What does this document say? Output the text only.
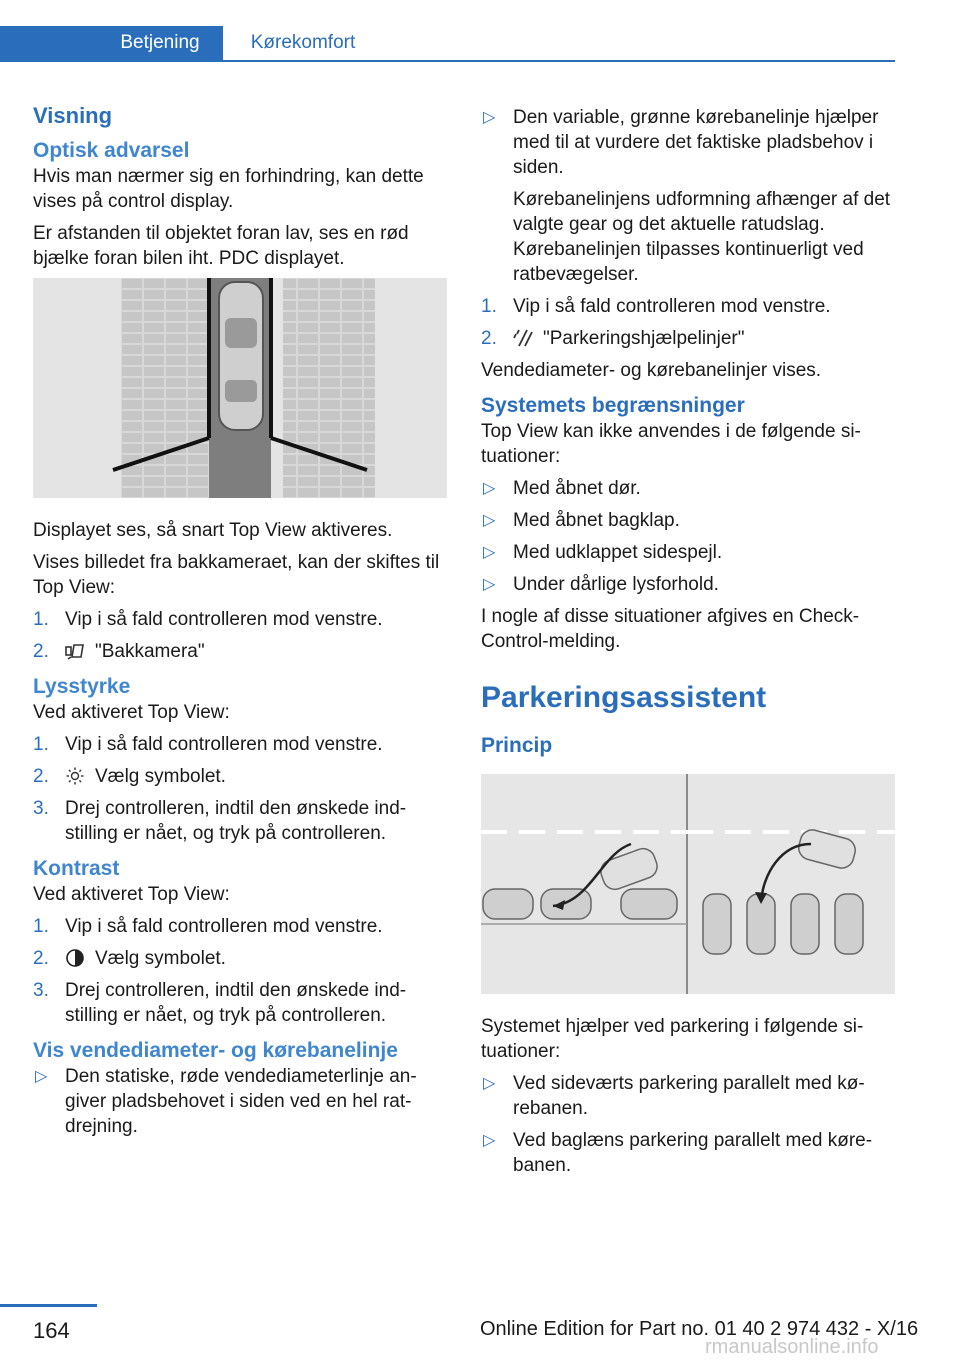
Betjening	Kørekomfort
Visning
Optisk advarsel

Hvis man nærmer sig en forhindring, kan dette vises på control display.

Er afstanden til objektet foran lav, ses en rød bjælke foran bilen iht. PDC displayet.

Displayet ses, så snart Top View aktiveres.

Vises billedet fra bakkameraet, kan der skiftes til Top View:

1. Vip i så fald controlleren mod venstre.
2. "Bakkamera"
Lysstyrke

Ved aktiveret Top View:

1. Vip i så fald controlleren mod venstre.
2. Vælg symbolet.
3. Drej controlleren, indtil den ønskede indstilling er nået, og tryk på controlleren.
Kontrast

Ved aktiveret Top View:

1. Vip i så fald controlleren mod venstre.
2. Vælg symbolet.
3. Drej controlleren, indtil den ønskede indstilling er nået, og tryk på controlleren.
Vis vendediameter- og kørebanelinje
▷ Den statiske, røde vendediameterlinje angiver pladsbehovet i siden ved en hel ratdrejning.
▷ Den variable, grønne kørebanelinje hjælper med til at vurdere det faktiske pladsbehov i siden.

Kørebanelinjens udformning afhænger af det valgte gear og det aktuelle ratudslag. Kørebanelinjen tilpasses kontinuerligt ved ratbevægelser.

1. Vip i så fald controlleren mod venstre.
2. "Parkeringshjælpelinjer"

Vendediameter- og kørebanelinjer vises.

Systemets begrænsninger

Top View kan ikke anvendes i de følgende situationer:

▷ Med åbnet dør.
▷ Med åbnet bagklap.
▷ Med udklappet sidespejl.
▷ Under dårlige lysforhold.

I nogle af disse situationer afgives en Check-Control-melding.

Parkeringsassistent
Princip

Systemet hjælper ved parkering i følgende situationer:

▷ Ved sideværts parkering parallelt med kørebanen.
▷ Ved baglæns parkering parallelt med kørebanen.
164	Online Edition for Part no. 01 40 2 974 432 - X/16
rmanualsonline.info
